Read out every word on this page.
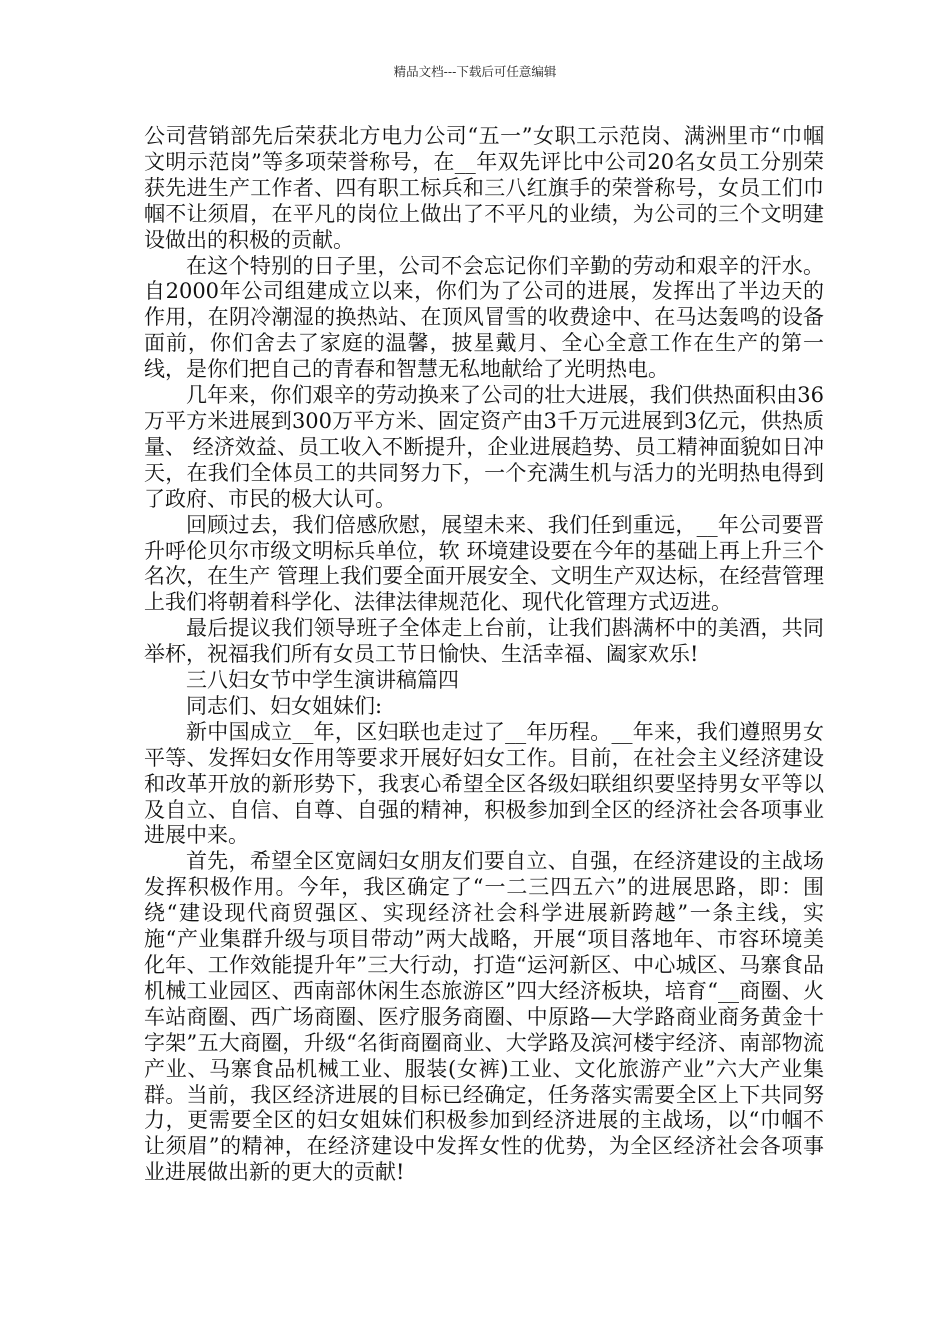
精品文档---下载后可任意编辑

公司营销部先后荣获北方电力公司“五一”女职工示范岗、满洲里市“巾帼文明示范岗”等多项荣誉称号，在__年双先评比中公司20名女员工分别荣获先进生产工作者、四有职工标兵和三八红旗手的荣誉称号，女员工们巾帼不让须眉，在平凡的岗位上做出了不平凡的业绩，为公司的三个文明建设做出的积极的贡献。

在这个特别的日子里，公司不会忘记你们辛勤的劳动和艰辛的汗水。自2000年公司组建成立以来，你们为了公司的进展，发挥出了半边天的作用，在阴冷潮湿的换热站、在顶风冒雪的收费途中、在马达轰鸣的设备面前，你们舍去了家庭的温馨，披星戴月、全心全意工作在生产的第一线，是你们把自己的青春和智慧无私地献给了光明热电。

几年来，你们艰辛的劳动换来了公司的壮大进展，我们供热面积由36万平方米进展到300万平方米、固定资产由3千万元进展到3亿元，供热质量、 经济效益、员工收入不断提升，企业进展趋势、员工精神面貌如日冲天，在我们全体员工的共同努力下，一个充满生机与活力的光明热电得到了政府、市民的极大认可。

回顾过去，我们倍感欣慰，展望未来、我们任到重远，__年公司要晋升呼伦贝尔市级文明标兵单位，软 环境建设要在今年的基础上再上升三个名次，在生产 管理上我们要全面开展安全、文明生产双达标，在经营管理上我们将朝着科学化、法律法律规范化、现代化管理方式迈进。

最后提议我们领导班子全体走上台前，让我们斟满杯中的美酒，共同举杯，祝福我们所有女员工节日愉快、生活幸福、阖家欢乐!

三八妇女节中学生演讲稿篇四

同志们、妇女姐妹们:

新中国成立__年，区妇联也走过了__年历程。__年来，我们遵照男女平等、发挥妇女作用等要求开展好妇女工作。目前，在社会主义经济建设和改革开放的新形势下，我衷心希望全区各级妇联组织要坚持男女平等以及自立、自信、自尊、自强的精神，积极参加到全区的经济社会各项事业进展中来。

首先，希望全区宽阔妇女朋友们要自立、自强，在经济建设的主战场发挥积极作用。今年，我区确定了“一二三四五六”的进展思路，即：围绕“建设现代商贸强区、实现经济社会科学进展新跨越”一条主线，实施“产业集群升级与项目带动”两大战略，开展“项目落地年、市容环境美化年、工作效能提升年”三大行动，打造“运河新区、中心城区、马寨食品机械工业园区、西南部休闲生态旅游区”四大经济板块，培育“__商圈、火车站商圈、西广场商圈、医疗服务商圈、中原路—大学路商业商务黄金十字架”五大商圈，升级“名街商圈商业、大学路及滨河楼宇经济、南部物流产业、马寨食品机械工业、服装(女裤)工业、文化旅游产业”六大产业集群。当前，我区经济进展的目标已经确定，任务落实需要全区上下共同努力，更需要全区的妇女姐妹们积极参加到经济进展的主战场，以“巾帼不让须眉”的精神，在经济建设中发挥女性的优势，为全区经济社会各项事业进展做出新的更大的贡献!
